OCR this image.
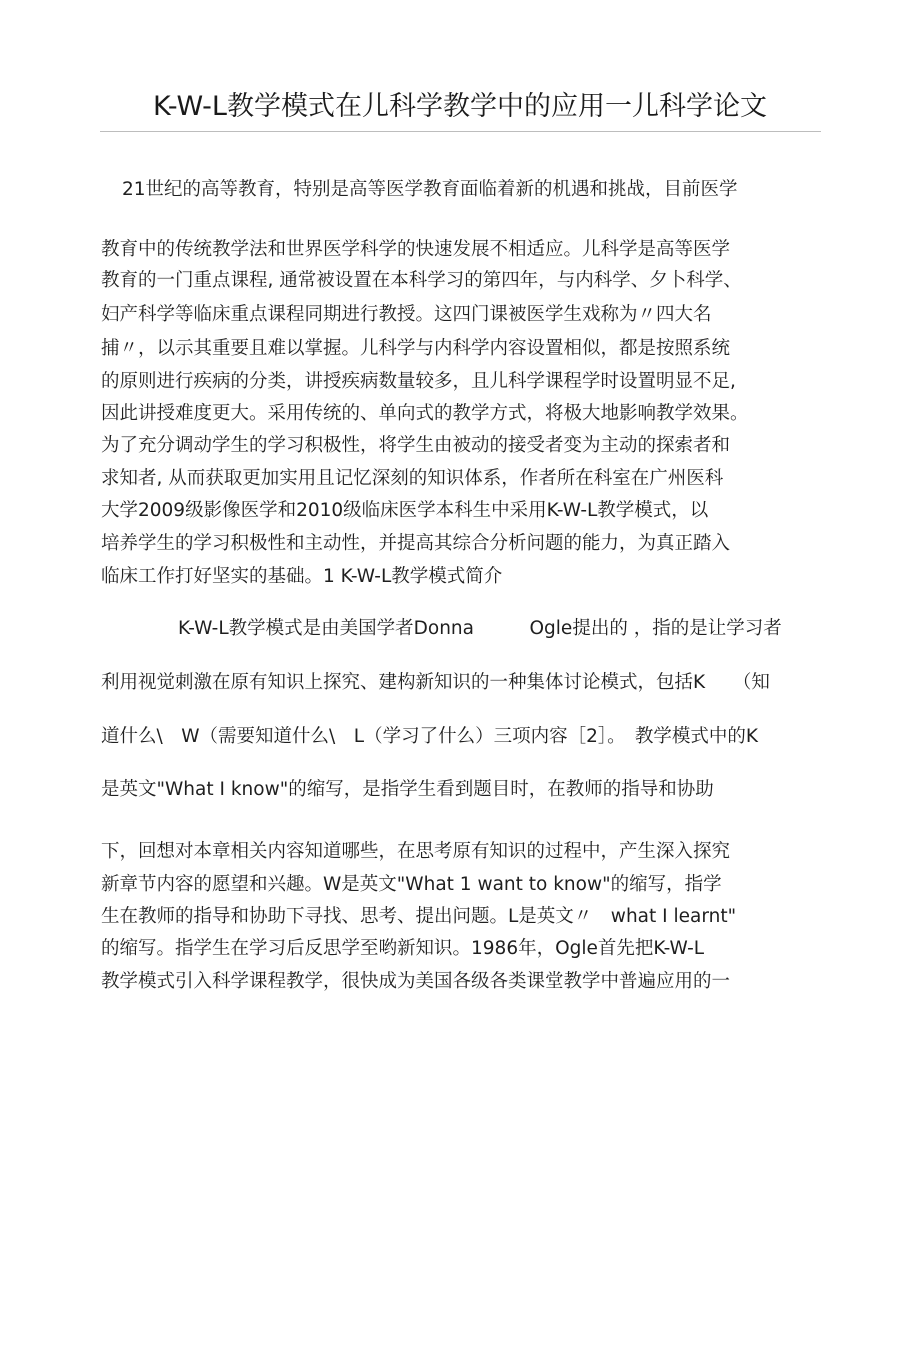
K-W-L教学模式在儿科学教学中的应用一儿科学论文
21世纪的高等教育，特别是高等医学教育面临着新的机遇和挑战，目前医学
教育中的传统教学法和世界医学科学的快速发展不相适应。儿科学是高等医学
教育的一门重点课程, 通常被设置在本科学习的第四年，与内科学、夕卜科学、
妇产科学等临床重点课程同期进行教授。这四门课被医学生戏称为〃四大名
捕〃，以示其重要且难以掌握。儿科学与内科学内容设置相似，都是按照系统
的原则进行疾病的分类，讲授疾病数量较多，且儿科学课程学时设置明显不足,
因此讲授难度更大。采用传统的、单向式的教学方式，将极大地影响教学效果。
为了充分调动学生的学习积极性，将学生由被动的接受者变为主动的探索者和
求知者, 从而获取更加实用且记忆深刻的知识体系，作者所在科室在广州医科
大学2009级影像医学和2010级临床医学本科生中采用K-W-L教学模式，以
培养学生的学习积极性和主动性，并提高其综合分析问题的能力，为真正踏入
临床工作打好坚实的基础。1 K-W-L教学模式简介
K-W-L教学模式是由美国学者Donna　　　Ogle提出的 ，指的是让学习者
利用视觉刺激在原有知识上探究、建构新知识的一种集体讨论模式，包括K　　（知
道什么\　W（需要知道什么\　L（学习了什么）三项内容［2］。　教学模式中的K
是英文"What I know"的缩写，是指学生看到题目时，在教师的指导和协助
下，回想对本章相关内容知道哪些，在思考原有知识的过程中，产生深入探究
新章节内容的愿望和兴趣。W是英文"What 1 want to know"的缩写，指学
生在教师的指导和协助下寻找、思考、提出问题。L是英文〃　what I learnt"
的缩写。指学生在学习后反思学至哟新知识。1986年，Ogle首先把K-W-L
教学模式引入科学课程教学，很快成为美国各级各类课堂教学中普遍应用的一
